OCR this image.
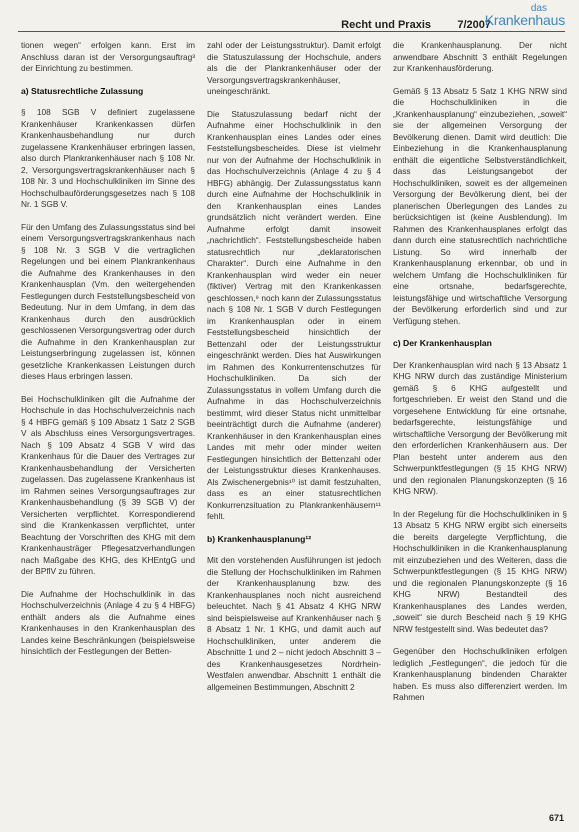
Recht und Praxis 7/2007
das
Krankenhaus

tionen wegen“ erfolgen kann. Erst im Anschluss daran ist der Versorgungsauftrag³ der Einrichtung zu bestimmen.

a) Statusrechtliche Zulassung

§ 108 SGB V definiert zugelassene Krankenhäuser Krankenkassen dürfen Krankenhausbehandlung nur durch zugelassene Krankenhäuser erbringen lassen, also durch Plankrankenhäuser nach § 108 Nr. 2, Versorgungsvertragskrankenhäuser nach § 108 Nr. 3 und Hochschulkliniken im Sinne des Hochschulbauförderungsgesetzes nach § 108 Nr. 1 SGB V.

Für den Umfang des Zulassungsstatus sind bei einem Versorgungsvertragskrankenhaus nach § 108 Nr. 3 SGB V die vertraglichen Regelungen und bei einem Plankrankenhaus die Aufnahme des Krankenhauses in den Krankenhausplan (Vm. den weitergehenden Festlegungen durch Feststellungsbescheid von Bedeutung. Nur in dem Umfang, in dem das Krankenhaus durch den ausdrücklich geschlossenen Versorgungsvertrag oder durch die Aufnahme in den Krankenhausplan zur Leistungserbringung zugelassen ist, können gesetzliche Krankenkassen Leistungen durch dieses Haus erbringen lassen.

Bei Hochschulkliniken gilt die Aufnahme der Hochschule in das Hochschulverzeichnis nach § 4 HBFG gemäß § 109 Absatz 1 Satz 2 SGB V als Abschluss eines Versorgungsvertrages. Nach § 109 Absatz 4 SGB V wird das Krankenhaus für die Dauer des Vertrages zur Krankenhausbehandlung der Versicherten zugelassen. Das zugelassene Krankenhaus ist im Rahmen seines Versorgungsauftrages zur Krankenhausbehandlung (§ 39 SGB V) der Versicherten verpflichtet. Korrespondierend sind die Krankenkassen verpflichtet, unter Beachtung der Vorschriften des KHG mit dem Krankenhausträger Pflegesatzverhandlungen nach Maßgabe des KHG, des KHEntgG und der BPflV zu führen.

Die Aufnahme der Hochschulklinik in das Hochschulverzeichnis (Anlage 4 zu § 4 HBFG) enthält anders als die Aufnahme eines Krankenhauses in den Krankenhausplan des Landes keine Beschränkungen (beispielsweise hinsichtlich der Festlegungen der Betten-

zahl oder der Leistungsstruktur). Damit erfolgt die Statuszulassung der Hochschule, anders als die der Plankrankenhäuser oder der Versorgungsvertragskrankenhäuser, uneingeschränkt.

Die Statuszulassung bedarf nicht der Aufnahme einer Hochschulklinik in den Krankenhausplan eines Landes oder eines Feststellungsbescheides. Diese ist vielmehr nur von der Aufnahme der Hochschulklinik in das Hochschulverzeichnis (Anlage 4 zu § 4 HBFG) abhängig. Der Zulassungsstatus kann durch eine Aufnahme der Hochschulklinik in den Krankenhausplan eines Landes grundsätzlich nicht verändert werden. Eine Aufnahme erfolgt damit insoweit „nachrichtlich“. Feststellungsbescheide haben statusrechtlich nur „deklaratorischen Charakter“. Durch eine Aufnahme in den Krankenhausplan wird weder ein neuer (fiktiver) Vertrag mit den Krankenkassen geschlossen,⁹ noch kann der Zulassungsstatus nach § 108 Nr. 1 SGB V durch Festlegungen im Krankenhausplan oder in einem Feststellungsbescheid hinsichtlich der Bettenzahl oder der Leistungsstruktur eingeschränkt werden. Dies hat Auswirkungen im Rahmen des Konkurrentenschutzes für Hochschulkliniken. Da sich der Zulassungsstatus in vollem Umfang durch die Aufnahme in das Hochschulverzeichnis bestimmt, wird dieser Status nicht unmittelbar beeinträchtigt durch die Aufnahme (anderer) Krankenhäuser in den Krankenhausplan eines Landes mit mehr oder minder weiten Festlegungen hinsichtlich der Bettenzahl oder der Leistungsstruktur dieses Krankenhauses. Als Zwischenergebnis¹⁰ ist damit festzuhalten, dass es an einer statusrechtlichen Konkurrenzsituation zu Plankrankenhäusern¹¹ fehlt.

b) Krankenhausplanung¹²

Mit den vorstehenden Ausführungen ist jedoch die Stellung der Hochschulkliniken im Rahmen der Krankenhausplanung bzw. des Krankenhausplanes noch nicht ausreichend beleuchtet. Nach § 41 Absatz 4 KHG NRW sind beispielsweise auf Krankenhäuser nach § 8 Absatz 1 Nr. 1 KHG, und damit auch auf Hochschulkliniken, unter anderem die Abschnitte 1 und 2 – nicht jedoch Abschnitt 3 – des Krankenhausgesetzes Nordrhein-Westfalen anwendbar. Abschnitt 1 enthält die allgemeinen Bestimmungen, Abschnitt 2

die Krankenhausplanung. Der nicht anwendbare Abschnitt 3 enthält Regelungen zur Krankenhausförderung.

Gemäß § 13 Absatz 5 Satz 1 KHG NRW sind die Hochschulkliniken in die „Krankenhausplanung“ einzubeziehen, „soweit“ sie der allgemeinen Versorgung der Bevölkerung dienen. Damit wird deutlich: Die Einbeziehung in die Krankenhausplanung enthält die eigentliche Selbstverständlichkeit, dass das Leistungsangebot der Hochschulkliniken, soweit es der allgemeinen Versorgung der Bevölkerung dient, bei der planerischen Überlegungen des Landes zu berücksichtigen ist (keine Ausblendung). Im Rahmen des Krankenhausplanes erfolgt das dann durch eine statusrechtlich nachrichtliche Listung. So wird innerhalb der Krankenhausplanung erkennbar, ob und in welchem Umfang die Hochschulkliniken für eine ortsnahe, bedarfsgerechte, leistungsfähige und wirtschaftliche Versorgung der Bevölkerung erforderlich sind und zur Verfügung stehen.

c) Der Krankenhausplan

Der Krankenhausplan wird nach § 13 Absatz 1 KHG NRW durch das zuständige Ministerium gemäß § 6 KHG aufgestellt und fortgeschrieben. Er weist den Stand und die vorgesehene Entwicklung für eine ortsnahe, bedarfsgerechte, leistungsfähige und wirtschaftliche Versorgung der Bevölkerung mit den erforderlichen Krankenhäusern aus. Der Plan besteht unter anderem aus den Schwerpunktfestlegungen (§ 15 KHG NRW) und den regionalen Planungskonzepten (§ 16 KHG NRW).

In der Regelung für die Hochschulkliniken in § 13 Absatz 5 KHG NRW ergibt sich einerseits die bereits dargelegte Verpflichtung, die Hochschulkliniken in die Krankenhausplanung mit einzubeziehen und des Weiteren, dass die Schwerpunktfestlegungen (§ 15 KHG NRW) und die regionalen Planungskonzepte (§ 16 KHG NRW) Bestandteil des Krankenhausplanes des Landes werden, „soweit“ sie durch Bescheid nach § 19 KHG NRW festgestellt sind. Was bedeutet das?

Gegenüber den Hochschulkliniken erfolgen lediglich „Festlegungen“, die jedoch für die Krankenhausplanung bindenden Charakter haben. Es muss also differenziert werden. Im Rahmen

671
